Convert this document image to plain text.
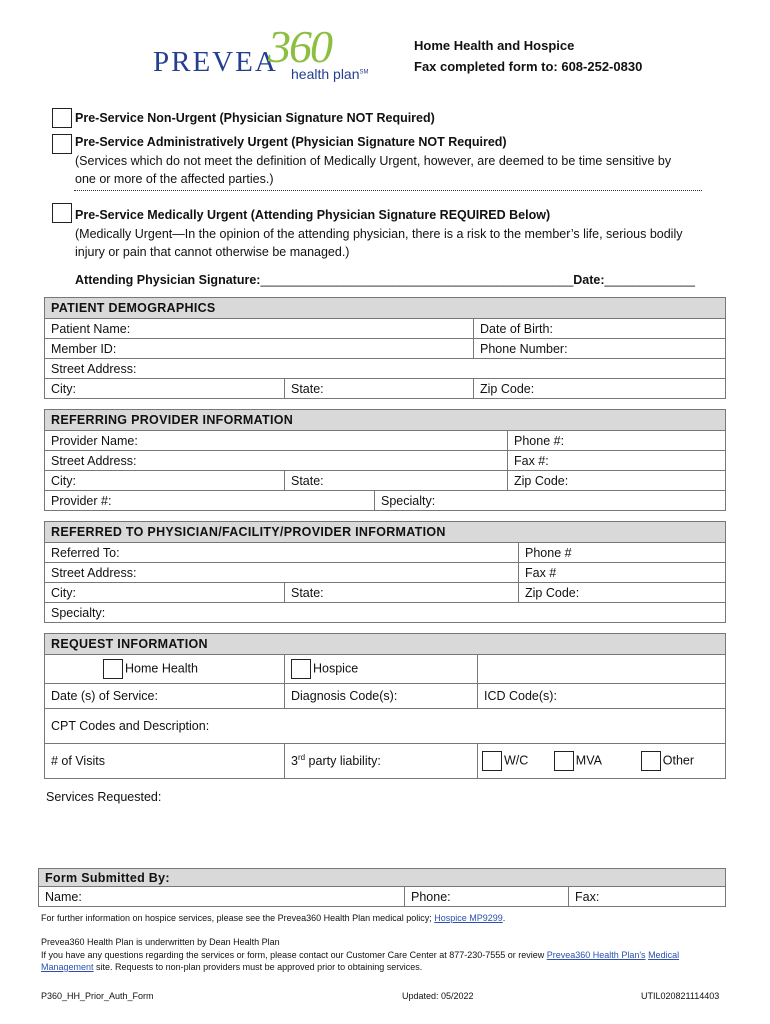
PREVEA
360
health plan℠
Home Health and Hospice
Fax completed form to: 608-252-0830
Pre-Service Non-Urgent (Physician Signature NOT Required)
Pre-Service Administratively Urgent (Physician Signature NOT Required)
(Services which do not meet the definition of Medically Urgent, however, are deemed to be time sensitive by
one or more of the affected parties.)
Pre-Service Medically Urgent (Attending Physician Signature REQUIRED Below)
(Medically Urgent—In the opinion of the attending physician, there is a risk to the member’s life, serious bodily
injury or pain that cannot otherwise be managed.)
Attending Physician Signature:_____________________________________________Date:_____________
PATIENT DEMOGRAPHICS		
Patient Name:		Date of Birth:
Member ID:		Phone Number:
Street Address:		
City:	State:	Zip Code:
REFERRING PROVIDER INFORMATION			
Provider Name:			Phone #:
Street Address:			Fax #:
City:	State:		Zip Code:
Provider #:		Specialty:	
REFERRED TO PHYSICIAN/FACILITY/PROVIDER INFORMATION		
Referred To:		Phone #
Street Address:		Fax #
City:	State:	Zip Code:
Specialty:		
REQUEST INFORMATION		
Home Health	Hospice	
Date (s) of Service:	Diagnosis Code(s):	ICD Code(s):
CPT Codes and Description:		
# of Visits	3rd party liability:	W/C MVA Other
Services Requested:
Form Submitted By:
Name:	Phone:	Fax:
For further information on hospice services, please see the Prevea360 Health Plan medical policy; Hospice MP9299.
Prevea360 Health Plan is underwritten by Dean Health Plan
If you have any questions regarding the services or form, please contact our Customer Care Center at 877-230-7555 or review Prevea360 Health Plan's Medical
Management site. Requests to non-plan providers must be approved prior to obtaining services.
P360_HH_Prior_Auth_Form	Updated: 05/2022	UTIL020821114403
